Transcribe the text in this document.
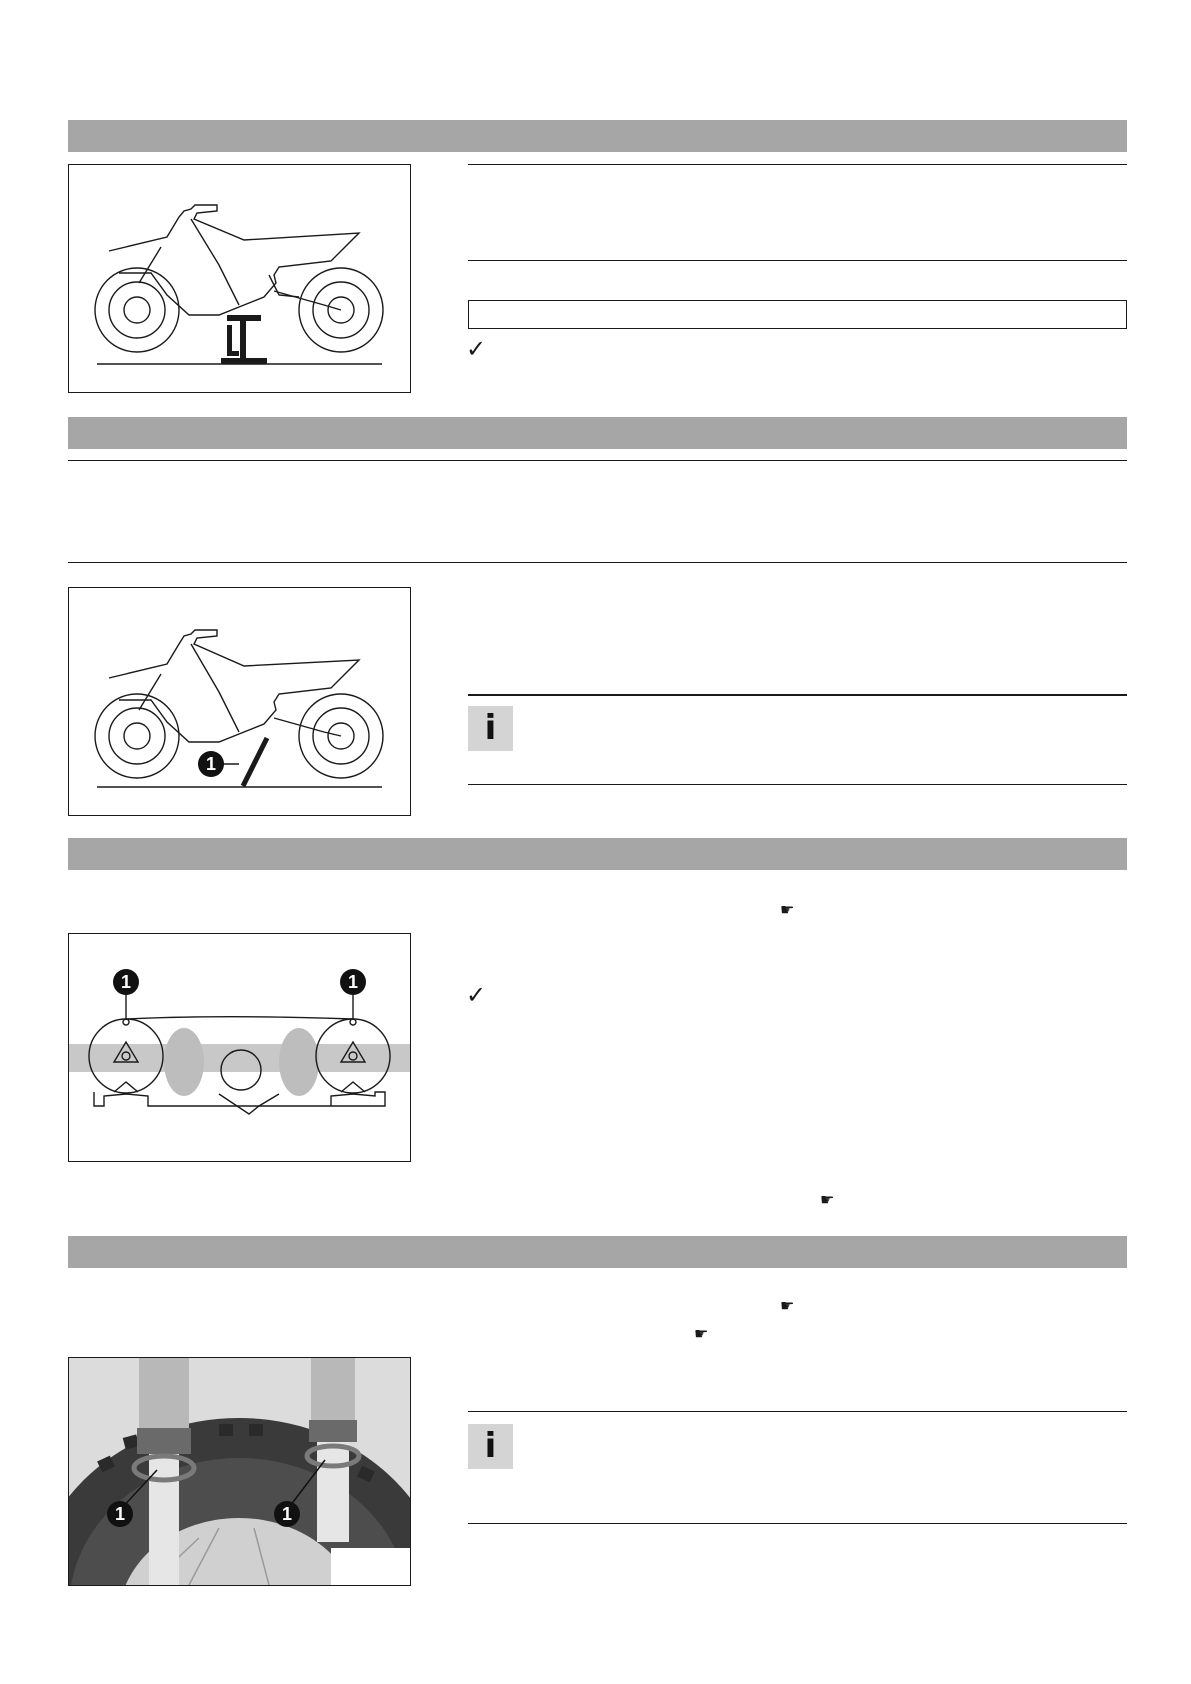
✓
1
i
☛
1	1	✓
☛
☛
☛
1	1
i
